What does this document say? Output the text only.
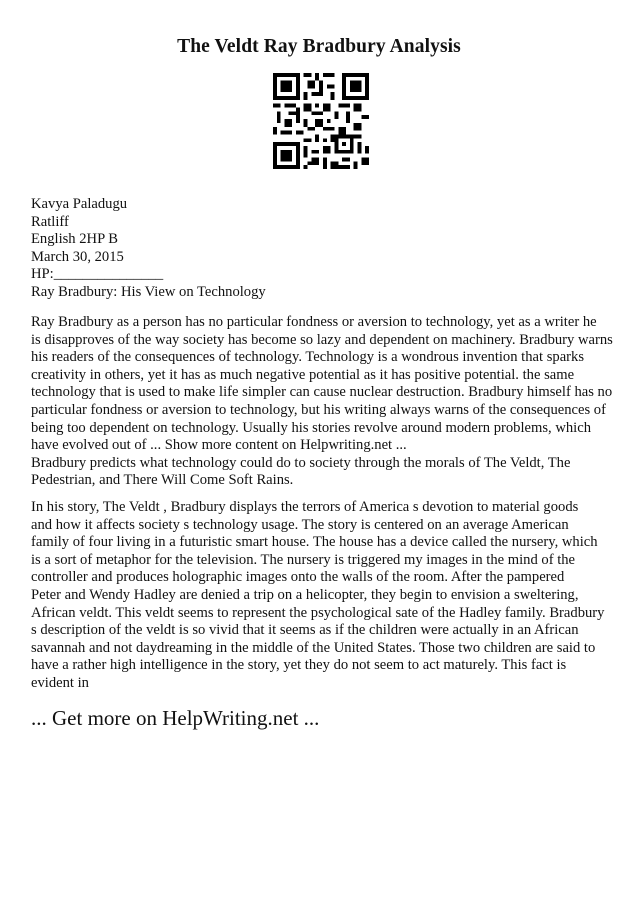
The Veldt Ray Bradbury Analysis
Kavya Paladugu
Ratliff
English 2HP B
March 30, 2015
HP:_______________
Ray Bradbury: His View on Technology
Ray Bradbury as a person has no particular fondness or aversion to technology, yet as a writer he
is disapproves of the way society has become so lazy and dependent on machinery. Bradbury warns
his readers of the consequences of technology. Technology is a wondrous invention that sparks
creativity in others, yet it has as much negative potential as it has positive potential. the same
technology that is used to make life simpler can cause nuclear destruction. Bradbury himself has no
particular fondness or aversion to technology, but his writing always warns of the consequences of
being too dependent on technology. Usually his stories revolve around modern problems, which
have evolved out of ... Show more content on Helpwriting.net ...
Bradbury predicts what technology could do to society through the morals of The Veldt, The
Pedestrian, and There Will Come Soft Rains.
In his story, The Veldt , Bradbury displays the terrors of America s devotion to material goods
and how it affects society s technology usage. The story is centered on an average American
family of four living in a futuristic smart house. The house has a device called the nursery, which
is a sort of metaphor for the television. The nursery is triggered my images in the mind of the
controller and produces holographic images onto the walls of the room. After the pampered
Peter and Wendy Hadley are denied a trip on a helicopter, they begin to envision a sweltering,
African veldt. This veldt seems to represent the psychological sate of the Hadley family. Bradbury
s description of the veldt is so vivid that it seems as if the children were actually in an African
savannah and not daydreaming in the middle of the United States. Those two children are said to
have a rather high intelligence in the story, yet they do not seem to act maturely. This fact is
evident in
... Get more on HelpWriting.net ...
